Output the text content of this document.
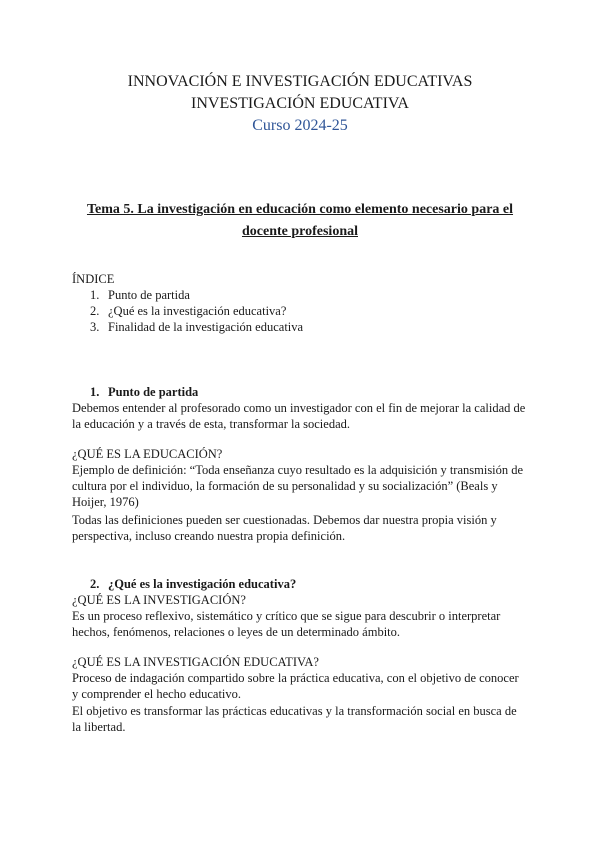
INNOVACIÓN E INVESTIGACIÓN EDUCATIVAS
INVESTIGACIÓN EDUCATIVA
Curso 2024-25
Tema 5. La investigación en educación como elemento necesario para el docente profesional
ÍNDICE
1. Punto de partida
2. ¿Qué es la investigación educativa?
3. Finalidad de la investigación educativa
1. Punto de partida
Debemos entender al profesorado como un investigador con el fin de mejorar la calidad de la educación y a través de esta, transformar la sociedad.
¿QUÉ ES LA EDUCACIÓN?
Ejemplo de definición: “Toda enseñanza cuyo resultado es la adquisición y transmisión de cultura por el individuo, la formación de su personalidad y su socialización” (Beals y Hoijer, 1976)
Todas las definiciones pueden ser cuestionadas. Debemos dar nuestra propia visión y perspectiva, incluso creando nuestra propia definición.
2. ¿Qué es la investigación educativa?
¿QUÉ ES LA INVESTIGACIÓN?
Es un proceso reflexivo, sistemático y crítico que se sigue para descubrir o interpretar hechos, fenómenos, relaciones o leyes de un determinado ámbito.
¿QUÉ ES LA INVESTIGACIÓN EDUCATIVA?
Proceso de indagación compartido sobre la práctica educativa, con el objetivo de conocer y comprender el hecho educativo.
El objetivo es transformar las prácticas educativas y la transformación social en busca de la libertad.
